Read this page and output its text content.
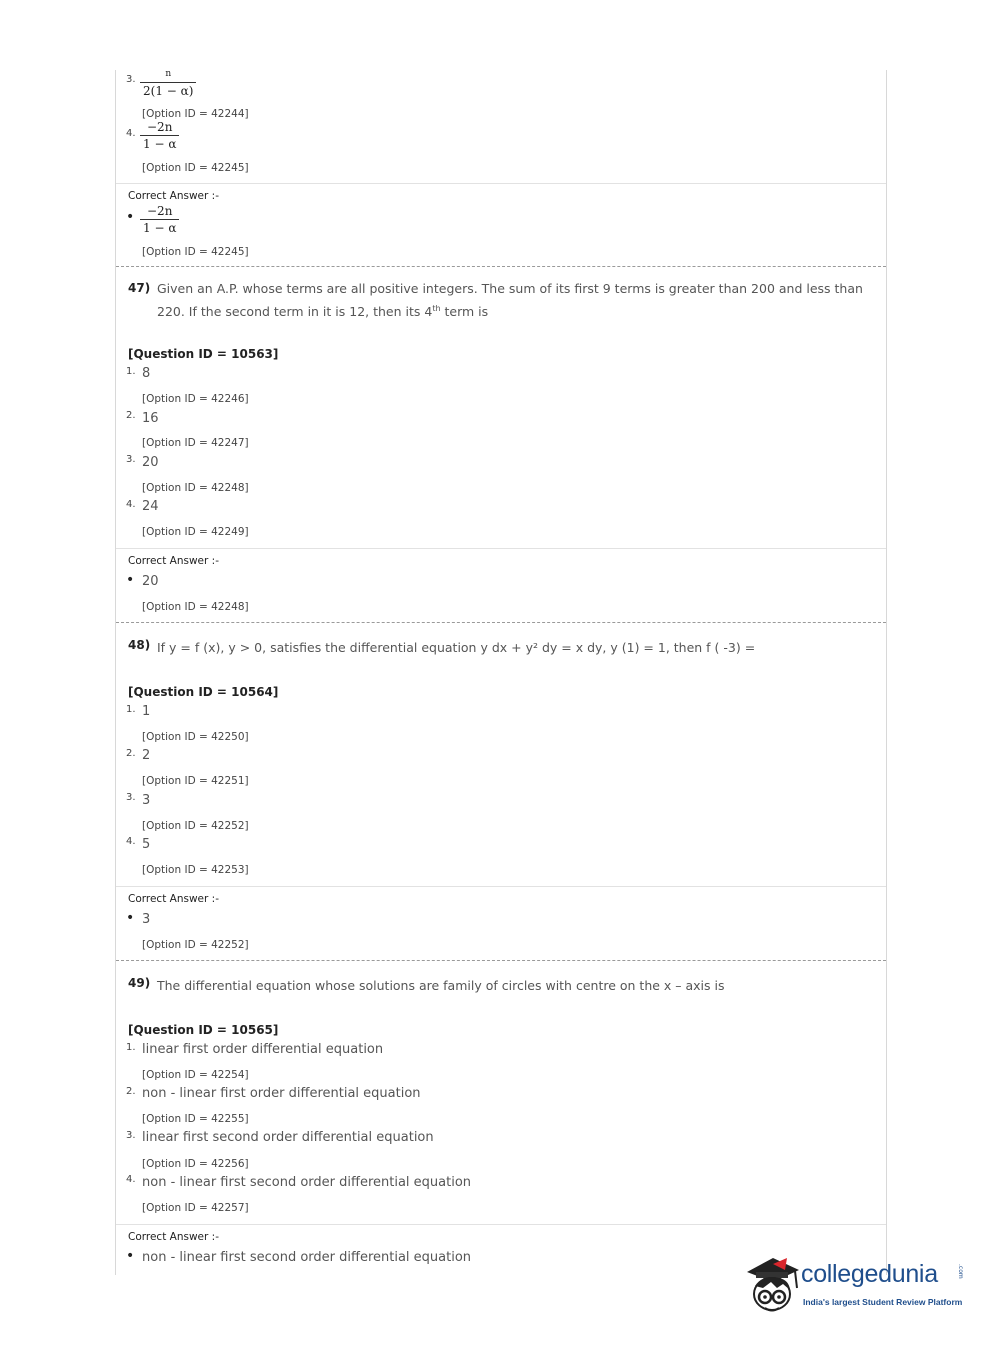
3.	n
2(1 − α)
[Option ID = 42244]
4. −2n
1 − α
[Option ID = 42245]
Correct Answer :-
• −2n
1 − α
[Option ID = 42245]
47) Given an A.P. whose terms are all positive integers. The sum of its first 9 terms is greater than 200 and less than
220. If the second term in it is 12, then its 4th term is
[Question ID = 10563]
1. 8
[Option ID = 42246]
2. 16
[Option ID = 42247]
3. 20
[Option ID = 42248]
4. 24
[Option ID = 42249]
Correct Answer :-
• 20
[Option ID = 42248]
48) If y = f (x), y > 0, satisfies the differential equation y dx + y² dy = x dy, y (1) = 1, then f ( -3) =
[Question ID = 10564]
1. 1
[Option ID = 42250]
2. 2
[Option ID = 42251]
3. 3
[Option ID = 42252]
4. 5
[Option ID = 42253]
Correct Answer :-
• 3
[Option ID = 42252]
49) The differential equation whose solutions are family of circles with centre on the x – axis is
[Question ID = 10565]
1. linear first order differential equation
[Option ID = 42254]
2. non - linear first order differential equation
[Option ID = 42255]
3. linear first second order differential equation
[Option ID = 42256]
4. non - linear first second order differential equation
[Option ID = 42257]
Correct Answer :-
• non - linear first second order differential equation
collegedunia	.com
India's largest Student Review Platform
